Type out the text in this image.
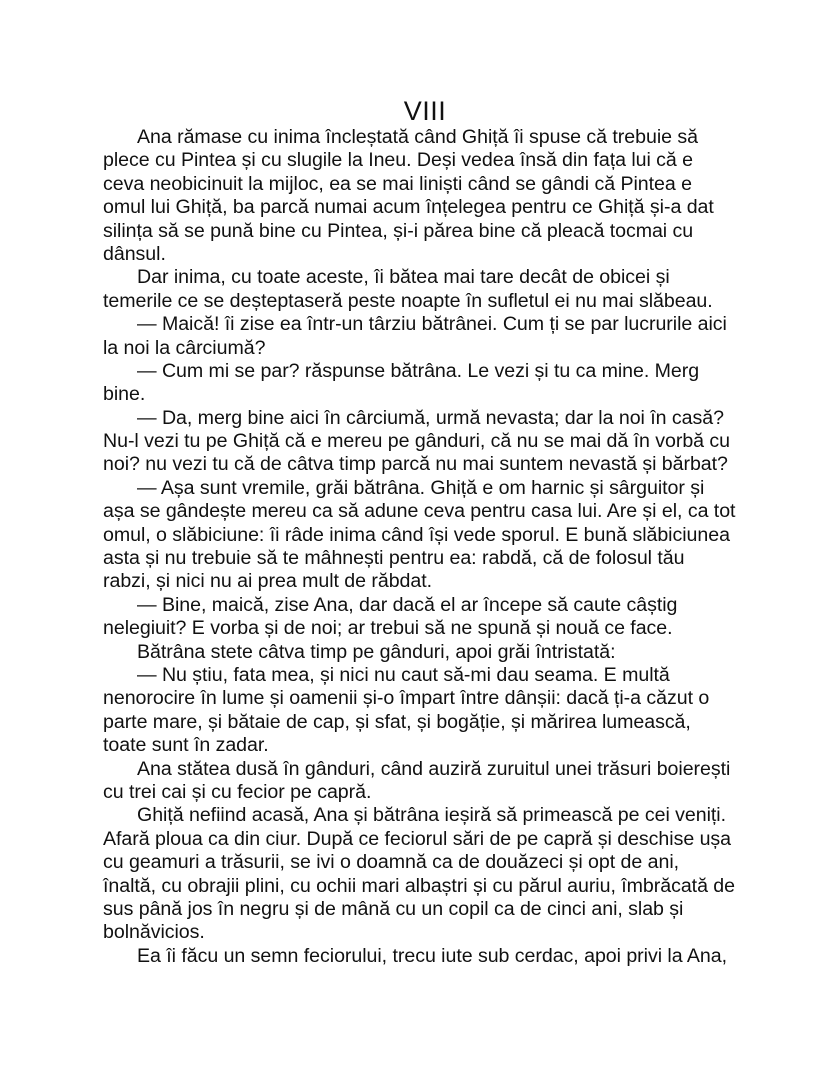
VIII
Ana rămase cu inima încleștată când Ghiță îi spuse că trebuie să
plece cu Pintea și cu slugile la Ineu. Deși vedea însă din fața lui că e
ceva neobicinuit la mijloc, ea se mai liniști când se gândi că Pintea e
omul lui Ghiță, ba parcă numai acum înțelegea pentru ce Ghiță și-a dat
silința să se pună bine cu Pintea, și-i părea bine că pleacă tocmai cu
dânsul.
Dar inima, cu toate aceste, îi bătea mai tare decât de obicei și
temerile ce se deșteptaseră peste noapte în sufletul ei nu mai slăbeau.
— Maică! îi zise ea într-un târziu bătrânei. Cum ți se par lucrurile aici
la noi la cârciumă?
— Cum mi se par? răspunse bătrâna. Le vezi și tu ca mine. Merg
bine.
— Da, merg bine aici în cârciumă, urmă nevasta; dar la noi în casă?
Nu-l vezi tu pe Ghiță că e mereu pe gânduri, că nu se mai dă în vorbă cu
noi? nu vezi tu că de câtva timp parcă nu mai suntem nevastă și bărbat?
— Așa sunt vremile, grăi bătrâna. Ghiță e om harnic și sârguitor și
așa se gândește mereu ca să adune ceva pentru casa lui. Are și el, ca tot
omul, o slăbiciune: îi râde inima când își vede sporul. E bună slăbiciunea
asta și nu trebuie să te mâhnești pentru ea: rabdă, că de folosul tău
rabzi, și nici nu ai prea mult de răbdat.
— Bine, maică, zise Ana, dar dacă el ar începe să caute câștig
nelegiuit? E vorba și de noi; ar trebui să ne spună și nouă ce face.
Bătrâna stete câtva timp pe gânduri, apoi grăi întristată:
— Nu știu, fata mea, și nici nu caut să-mi dau seama. E multă
nenorocire în lume și oamenii și-o împart între dânșii: dacă ți-a căzut o
parte mare, și bătaie de cap, și sfat, și bogăție, și mărirea lumească,
toate sunt în zadar.
Ana stătea dusă în gânduri, când auziră zuruitul unei trăsuri boierești
cu trei cai și cu fecior pe capră.
Ghiță nefiind acasă, Ana și bătrâna ieșiră să primească pe cei veniți.
Afară ploua ca din ciur. După ce feciorul sări de pe capră și deschise ușa
cu geamuri a trăsurii, se ivi o doamnă ca de douăzeci și opt de ani,
înaltă, cu obrajii plini, cu ochii mari albaștri și cu părul auriu, îmbrăcată de
sus până jos în negru și de mână cu un copil ca de cinci ani, slab și
bolnăvicios.
Ea îi făcu un semn feciorului, trecu iute sub cerdac, apoi privi la Ana,
